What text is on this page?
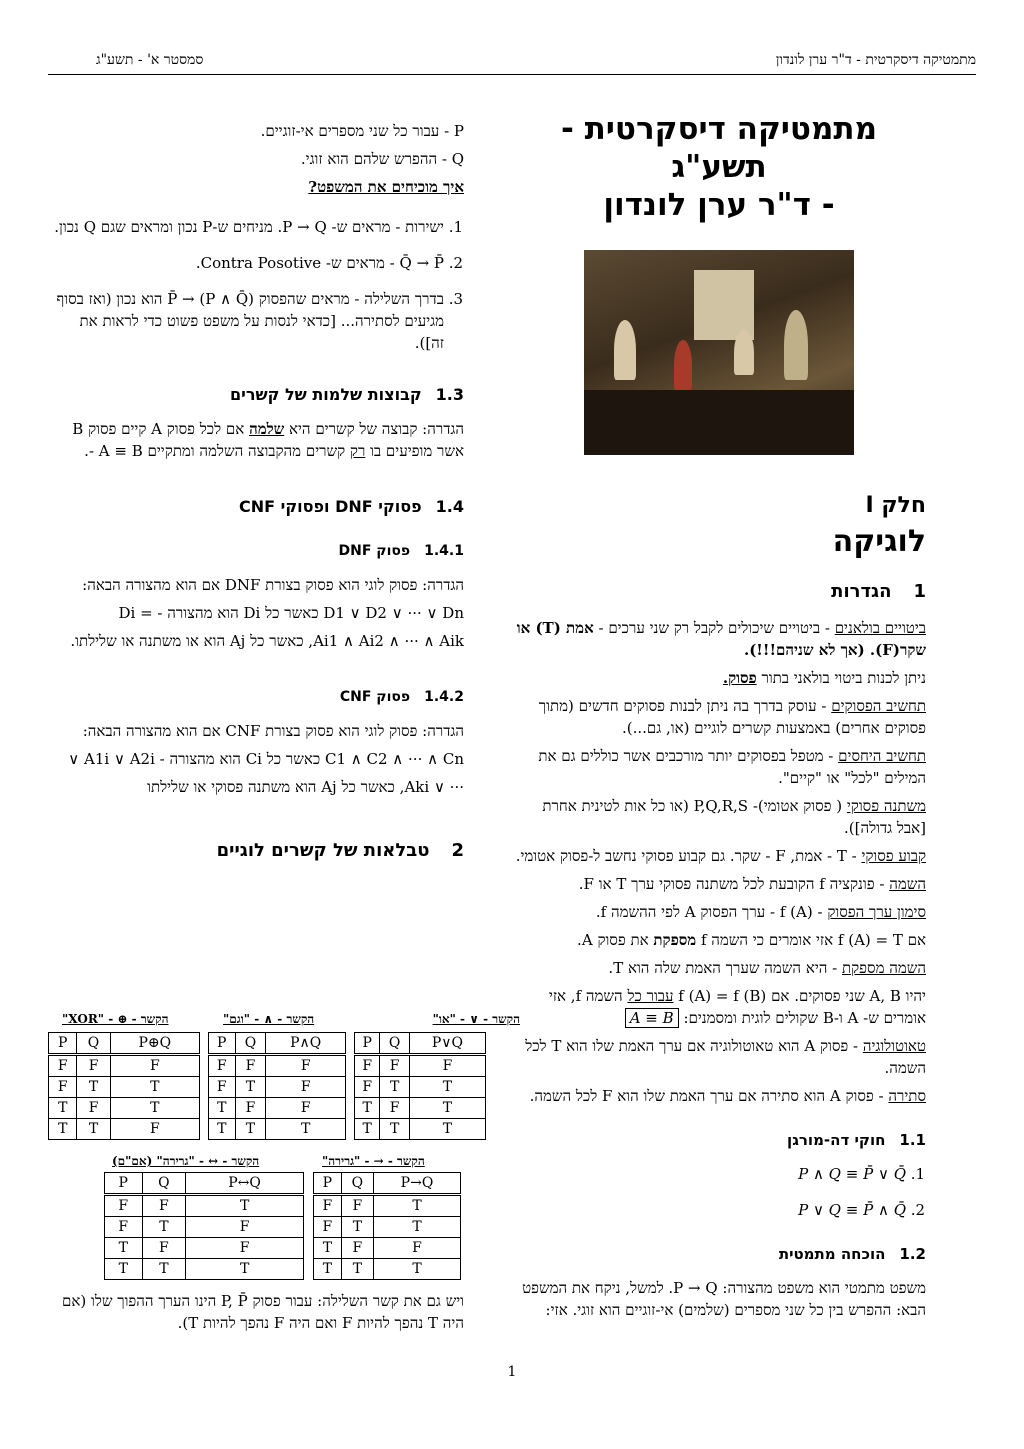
מתמטיקה דיסקרטית - ד"ר ערן לונדון
סמסטר א' - תשע"ג
מתמטיקה דיסקרטית - תשע"ג
- ד"ר ערן לונדון
חלק I
לוגיקה
1הגדרות

ביטויים בולאנים - ביטויים שיכולים לקבל רק שני ערכים - אמת (T) או שקר(F). (אך לא שניהם!!!).

ניתן לכנות ביטוי בולאני בתור פסוק.

תחשיב הפסוקים - עוסק בדרך בה ניתן לבנות פסוקים חדשים (מתוך פסוקים אחרים) באמצעות קשרים לוגיים (או, גם...).

תחשיב היחסים - מטפל בפסוקים יותר מורכבים אשר כוללים גם את המילים "לכל" או "קיים".

משתנה פסוקי ( פסוק אטומי)- P,Q,R,S (או כל אות לטינית אחרת [אבל גדולה]).

קבוע פסוקי - T - אמת, F - שקר. גם קבוע פסוקי נחשב ל-פסוק אטומי.

השמה - פונקציה f הקובעת לכל משתנה פסוקי ערך T או F.

סימון ערך הפסוק - f (A) - ערך הפסוק A לפי ההשמה f.

אם f (A) = T אזי אומרים כי השמה f מספקת את פסוק A.

השמה מספקת - היא השמה שערך האמת שלה הוא T.

יהיו A, B שני פסוקים. אם f (A) = f (B) עבור כל השמה f, אזי אומרים ש- A ו-B שקולים לוגית ומסמנים: A ≡ B

טאוטולוגיה - פסוק A הוא טאוטולוגיה אם ערך האמת שלו הוא T לכל השמה.

סתירה - פסוק A הוא סתירה אם ערך האמת שלו הוא F לכל השמה.

1.1חוקי דה-מורגן
1. P ∧ Q ≡ P̄ ∨ Q̄
2. P ∨ Q ≡ P̄ ∧ Q̄
1.2הוכחה מתמטית

משפט מתמטי הוא משפט מהצורה: P → Q. למשל, ניקח את המשפט הבא: ההפרש בין כל שני מספרים (שלמים) אי-זוגיים הוא זוגי. אזי:

P - עבור כל שני מספרים אי-זוגיים.

Q - ההפרש שלהם הוא זוגי.

איך מוכיחים את המשפט?

1. ישירות - מראים ש- P → Q. מניחים ש-P נכון ומראים שגם Q נכון.
2. Q̄ → P̄ - מראים ש- Contra Posotive.
3. בדרך השלילה - מראים שהפסוק (P ∧ Q̄) → P̄ הוא נכון (ואז בסוף מגיעים לסתירה... [כדאי לנסות על משפט פשוט כדי לראות את זה]).
1.3קבוצות שלמות של קשרים

הגדרה: קבוצה של קשרים היא שלמה אם לכל פסוק A קיים פסוק B אשר מופיעים בו רק קשרים מהקבוצה השלמה ומתקיים A ≡ B -.

1.4פסוקי DNF ופסוקי CNF
1.4.1פסוק DNF

הגדרה: פסוק לוגי הוא פסוק בצורת DNF אם הוא מהצורה הבאה:

D1 ∨ D2 ∨ ··· ∨ Dn כאשר כל Di הוא מהצורה - = Di

Ai1 ∧ Ai2 ∧ ··· ∧ Aik, כאשר כל Aj הוא או משתנה או שלילתו.

1.4.2פסוק CNF

הגדרה: פסוק לוגי הוא פסוק בצורת CNF אם הוא מהצורה הבאה:

C1 ∧ C2 ∧ ··· ∧ Cn כאשר כל Ci הוא מהצורה - A1i ∨ A2i ∨

··· ∨ Aki, כאשר כל Aj הוא משתנה פסוקי או שלילתו

2טבלאות של קשרים לוגיים
הקשר - ∨ - "או"
הקשר - ∧ - "וגם"
הקשר - ⊕ - "XOR"
P	Q	P∨Q
F	F	F
F	T	T
T	F	T
T	T	T
P	Q	P∧Q
F	F	F
F	T	F
T	F	F
T	T	T
P	Q	P⊕Q
F	F	F
F	T	T
T	F	T
T	T	F
הקשר - → - "גרירה"
הקשר - ↔ - "גרירה" (אם"ם)
P	Q	P→Q
F	F	T
F	T	T
T	F	F
T	T	T
P	Q	P↔Q
F	F	T
F	T	F
T	F	F
T	T	T

ויש גם את קשר השלילה: עבור פסוק P, P̄ הינו הערך ההפוך שלו (אם היה T נהפך להיות F ואם היה F נהפך להיות T).

1
